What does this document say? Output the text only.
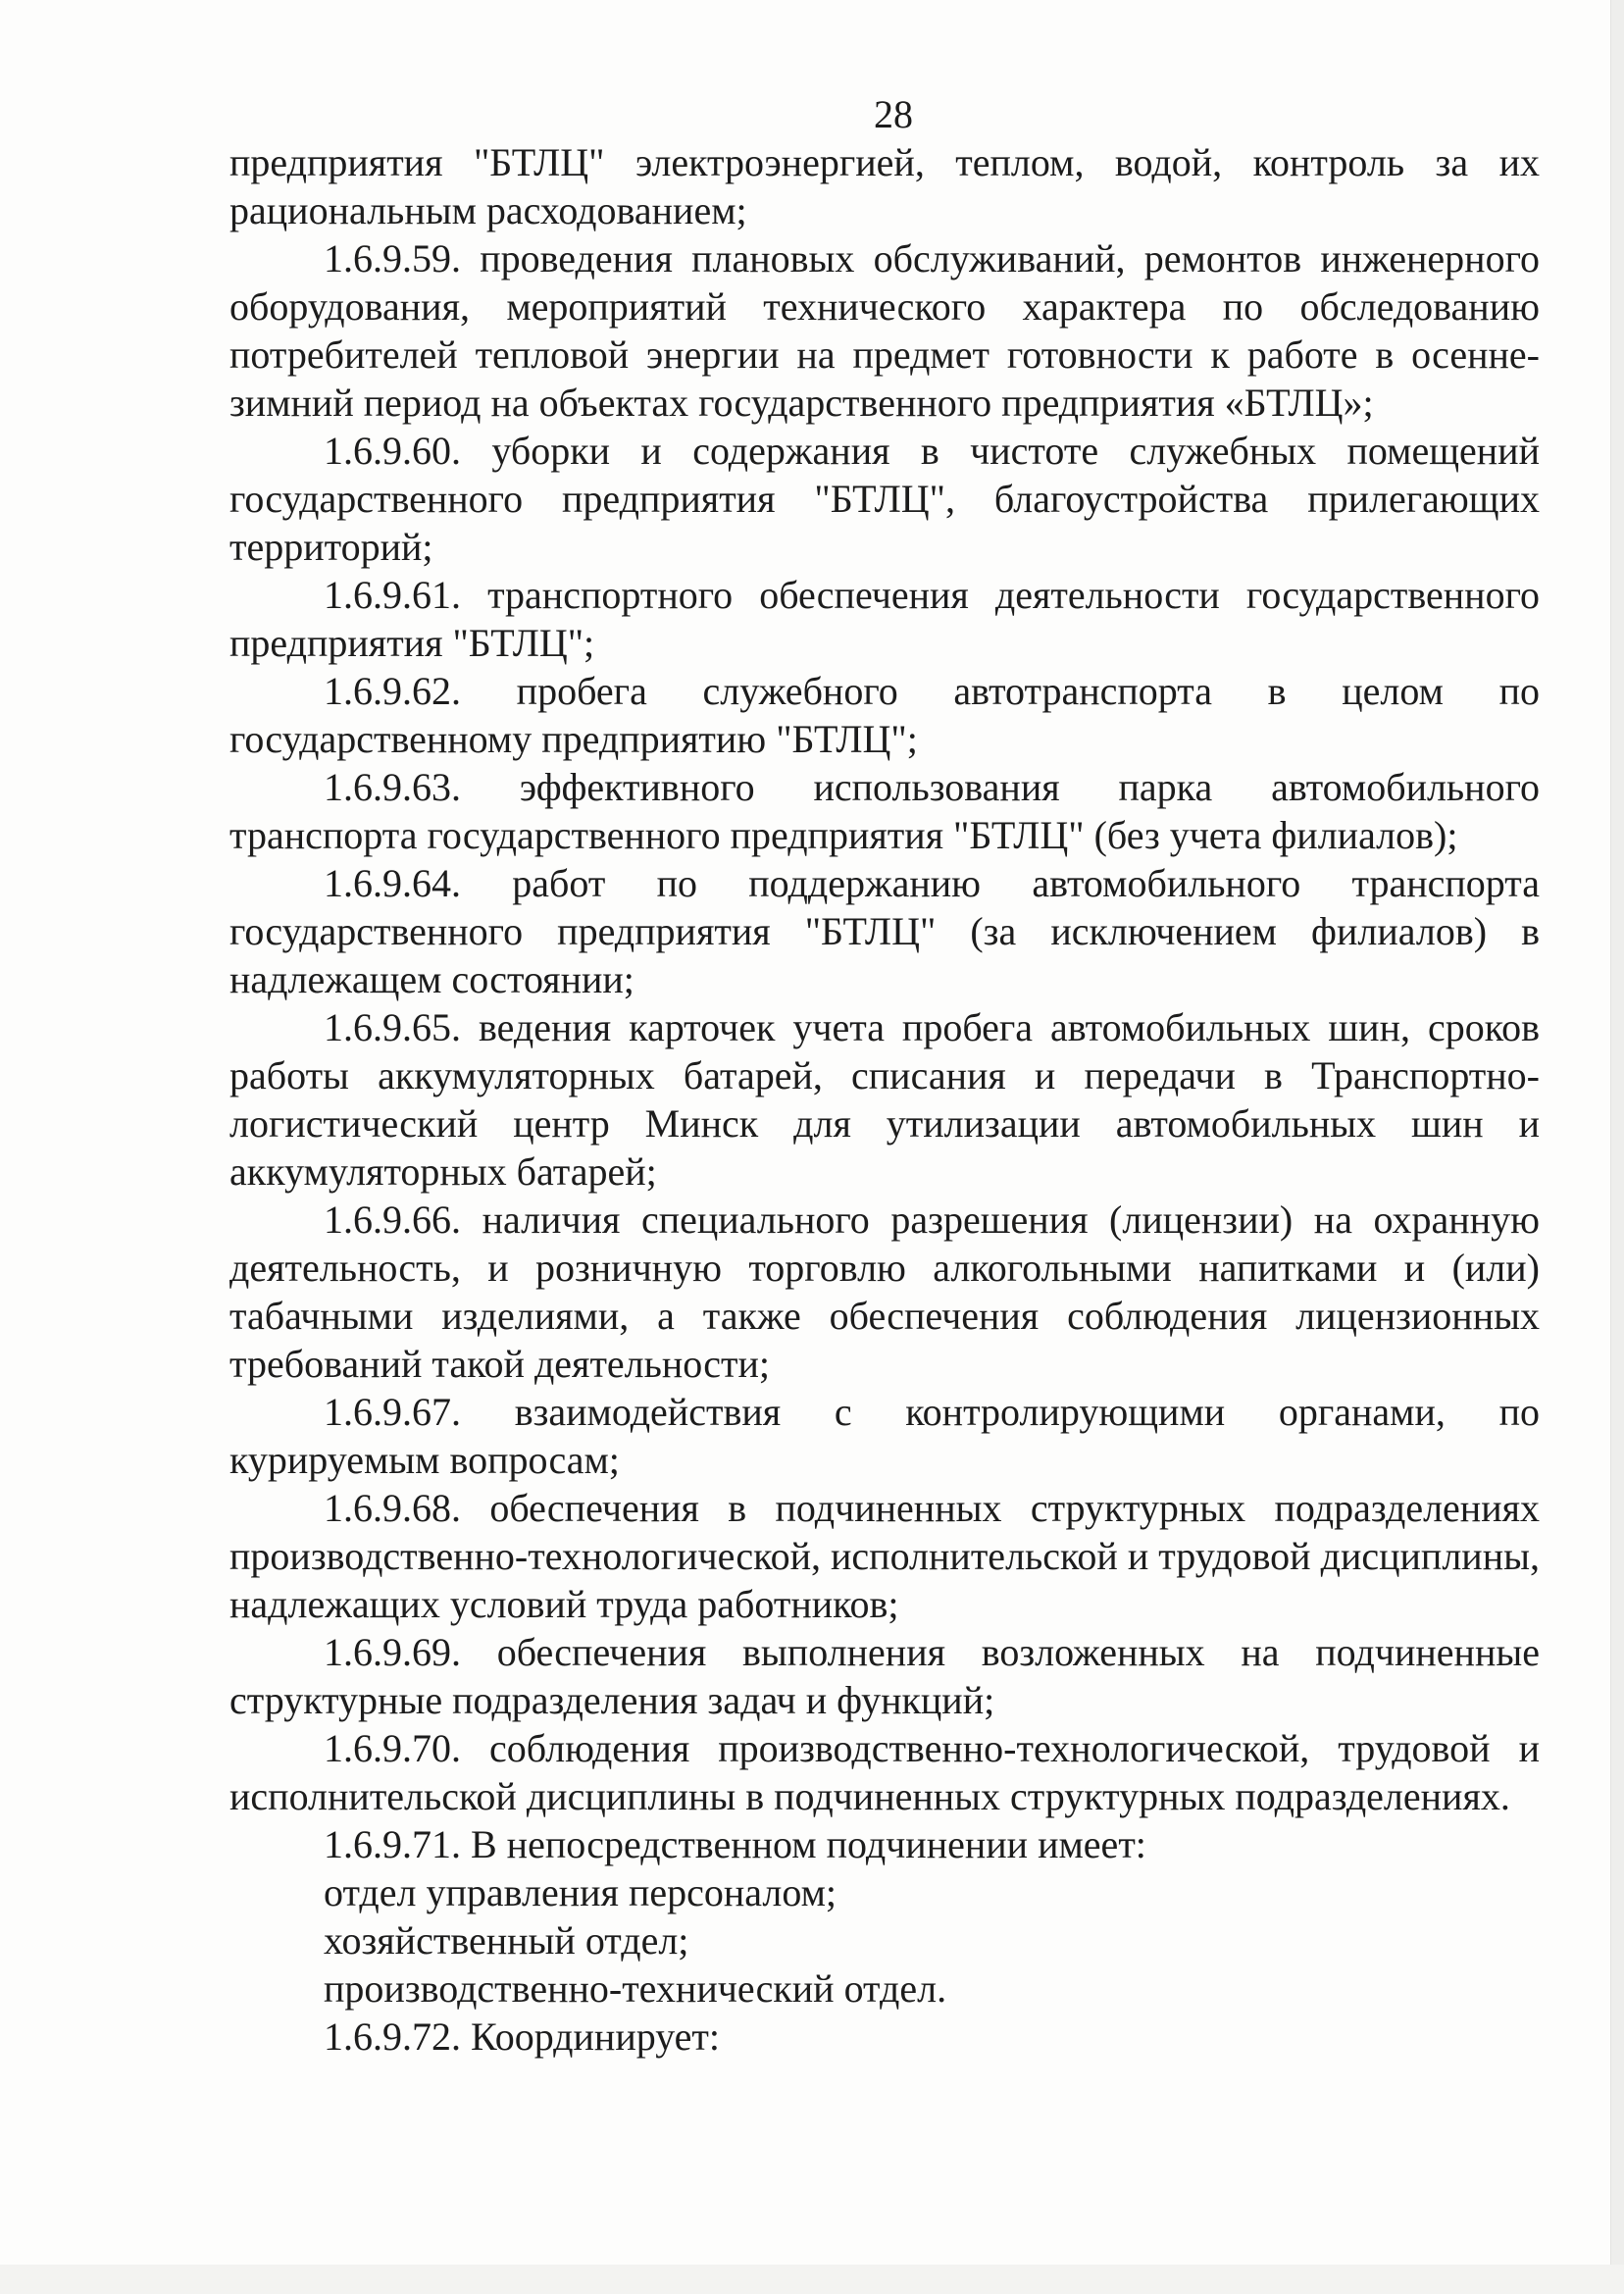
28

предприятия "БТЛЦ" электроэнергией, теплом, водой, контроль за их рациональным расходованием;

1.6.9.59. проведения плановых обслуживаний, ремонтов инженерного оборудования, мероприятий технического характера по обследованию потребителей тепловой энергии на предмет готовности к работе в осенне-зимний период на объектах государственного предприятия «БТЛЦ»;

1.6.9.60. уборки и содержания в чистоте служебных помещений государственного предприятия "БТЛЦ", благоустройства прилегающих территорий;

1.6.9.61. транспортного обеспечения деятельности государственного предприятия "БТЛЦ";

1.6.9.62. пробега служебного автотранспорта в целом по государственному предприятию "БТЛЦ";

1.6.9.63. эффективного использования парка автомобильного транспорта государственного предприятия "БТЛЦ" (без учета филиалов);

1.6.9.64. работ по поддержанию автомобильного транспорта государственного предприятия "БТЛЦ" (за исключением филиалов) в надлежащем состоянии;

1.6.9.65. ведения карточек учета пробега автомобильных шин, сроков работы аккумуляторных батарей, списания и передачи в Транспортно-логистический центр Минск для утилизации автомобильных шин и аккумуляторных батарей;

1.6.9.66. наличия специального разрешения (лицензии) на охранную деятельность, и розничную торговлю алкогольными напитками и (или) табачными изделиями, а также обеспечения соблюдения лицензионных требований такой деятельности;

1.6.9.67. взаимодействия с контролирующими органами, по курируемым вопросам;

1.6.9.68. обеспечения в подчиненных структурных подразделениях производственно-технологической, исполнительской и трудовой дисциплины, надлежащих условий труда работников;

1.6.9.69. обеспечения выполнения возложенных на подчиненные структурные подразделения задач и функций;

1.6.9.70. соблюдения производственно-технологической, трудовой и исполнительской дисциплины в подчиненных структурных подразделениях.

1.6.9.71. В непосредственном подчинении имеет:

отдел управления персоналом;

хозяйственный отдел;

производственно-технический отдел.

1.6.9.72. Координирует:
